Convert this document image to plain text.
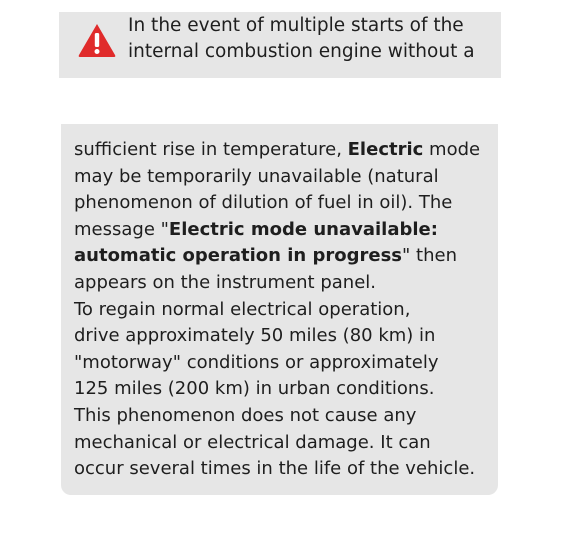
In the event of multiple starts of the
internal combustion engine without a
sufficient rise in temperature, Electric mode
may be temporarily unavailable (natural
phenomenon of dilution of fuel in oil). The
message "Electric mode unavailable:
automatic operation in progress" then
appears on the instrument panel.
To regain normal electrical operation,
drive approximately 50 miles (80 km) in
"motorway" conditions or approximately
125 miles (200 km) in urban conditions.
This phenomenon does not cause any
mechanical or electrical damage. It can
occur several times in the life of the vehicle.
